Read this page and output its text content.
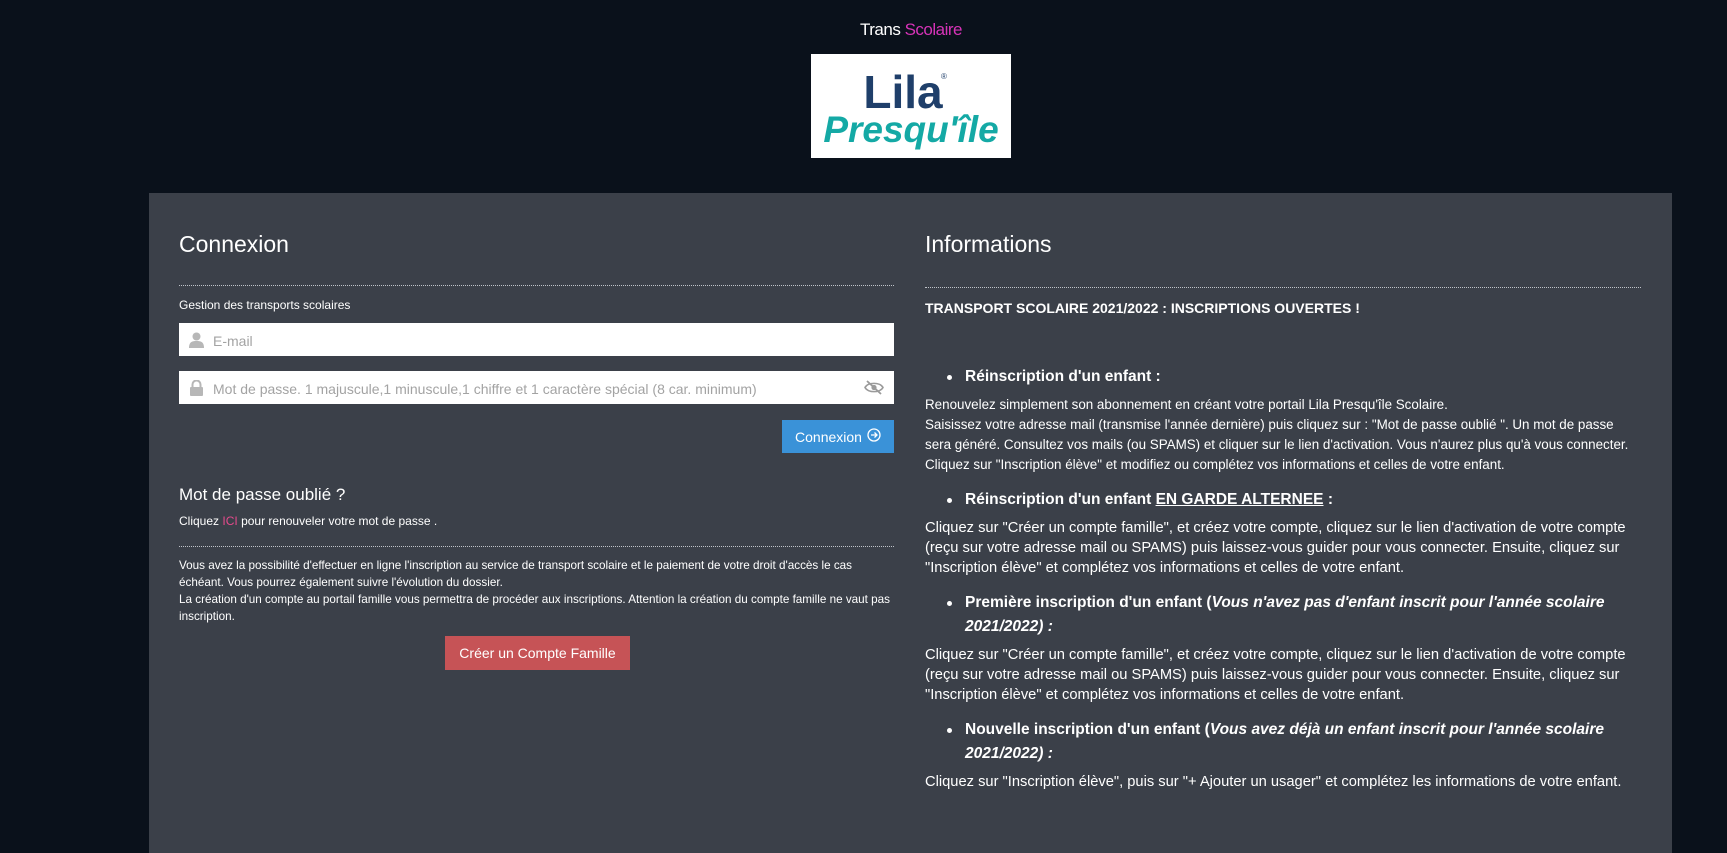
Trans Scolaire
Lila
®
Presqu'île
Connexion
Gestion des transports scolaires
E-mail
Connexion
Mot de passe oublié ?
Cliquez ICI pour renouveler votre mot de passe .
Vous avez la possibilité d'effectuer en ligne l'inscription au service de transport scolaire et le paiement de votre droit d'accès le cas échéant. Vous pourrez également suivre l'évolution du dossier.
La création d'un compte au portail famille vous permettra de procéder aux inscriptions. Attention la création du compte famille ne vaut pas inscription.
Créer un Compte Famille
Informations
TRANSPORT SCOLAIRE 2021/2022 : INSCRIPTIONS OUVERTES !
Réinscription d'un enfant :

Renouvelez simplement son abonnement en créant votre portail Lila Presqu'île Scolaire.

Saisissez votre adresse mail (transmise l'année dernière) puis cliquez sur : "Mot de passe oublié ". Un mot de passe sera généré. Consultez vos mails (ou SPAMS) et cliquer sur le lien d'activation. Vous n'aurez plus qu'à vous connecter.

Cliquez sur "Inscription élève" et modifiez ou complétez vos informations et celles de votre enfant.

Réinscription d'un enfant EN GARDE ALTERNEE :

Cliquez sur "Créer un compte famille", et créez votre compte, cliquez sur le lien d'activation de votre compte (reçu sur votre adresse mail ou SPAMS) puis laissez-vous guider pour vous connecter. Ensuite, cliquez sur "Inscription élève" et complétez vos informations et celles de votre enfant.

Première inscription d'un enfant (Vous n'avez pas d'enfant inscrit pour l'année scolaire 2021/2022) :

Cliquez sur "Créer un compte famille", et créez votre compte, cliquez sur le lien d'activation de votre compte (reçu sur votre adresse mail ou SPAMS) puis laissez-vous guider pour vous connecter. Ensuite, cliquez sur "Inscription élève" et complétez vos informations et celles de votre enfant.

Nouvelle inscription d'un enfant (Vous avez déjà un enfant inscrit pour l'année scolaire 2021/2022) :

Cliquez sur "Inscription élève", puis sur "+ Ajouter un usager" et complétez les informations de votre enfant.
